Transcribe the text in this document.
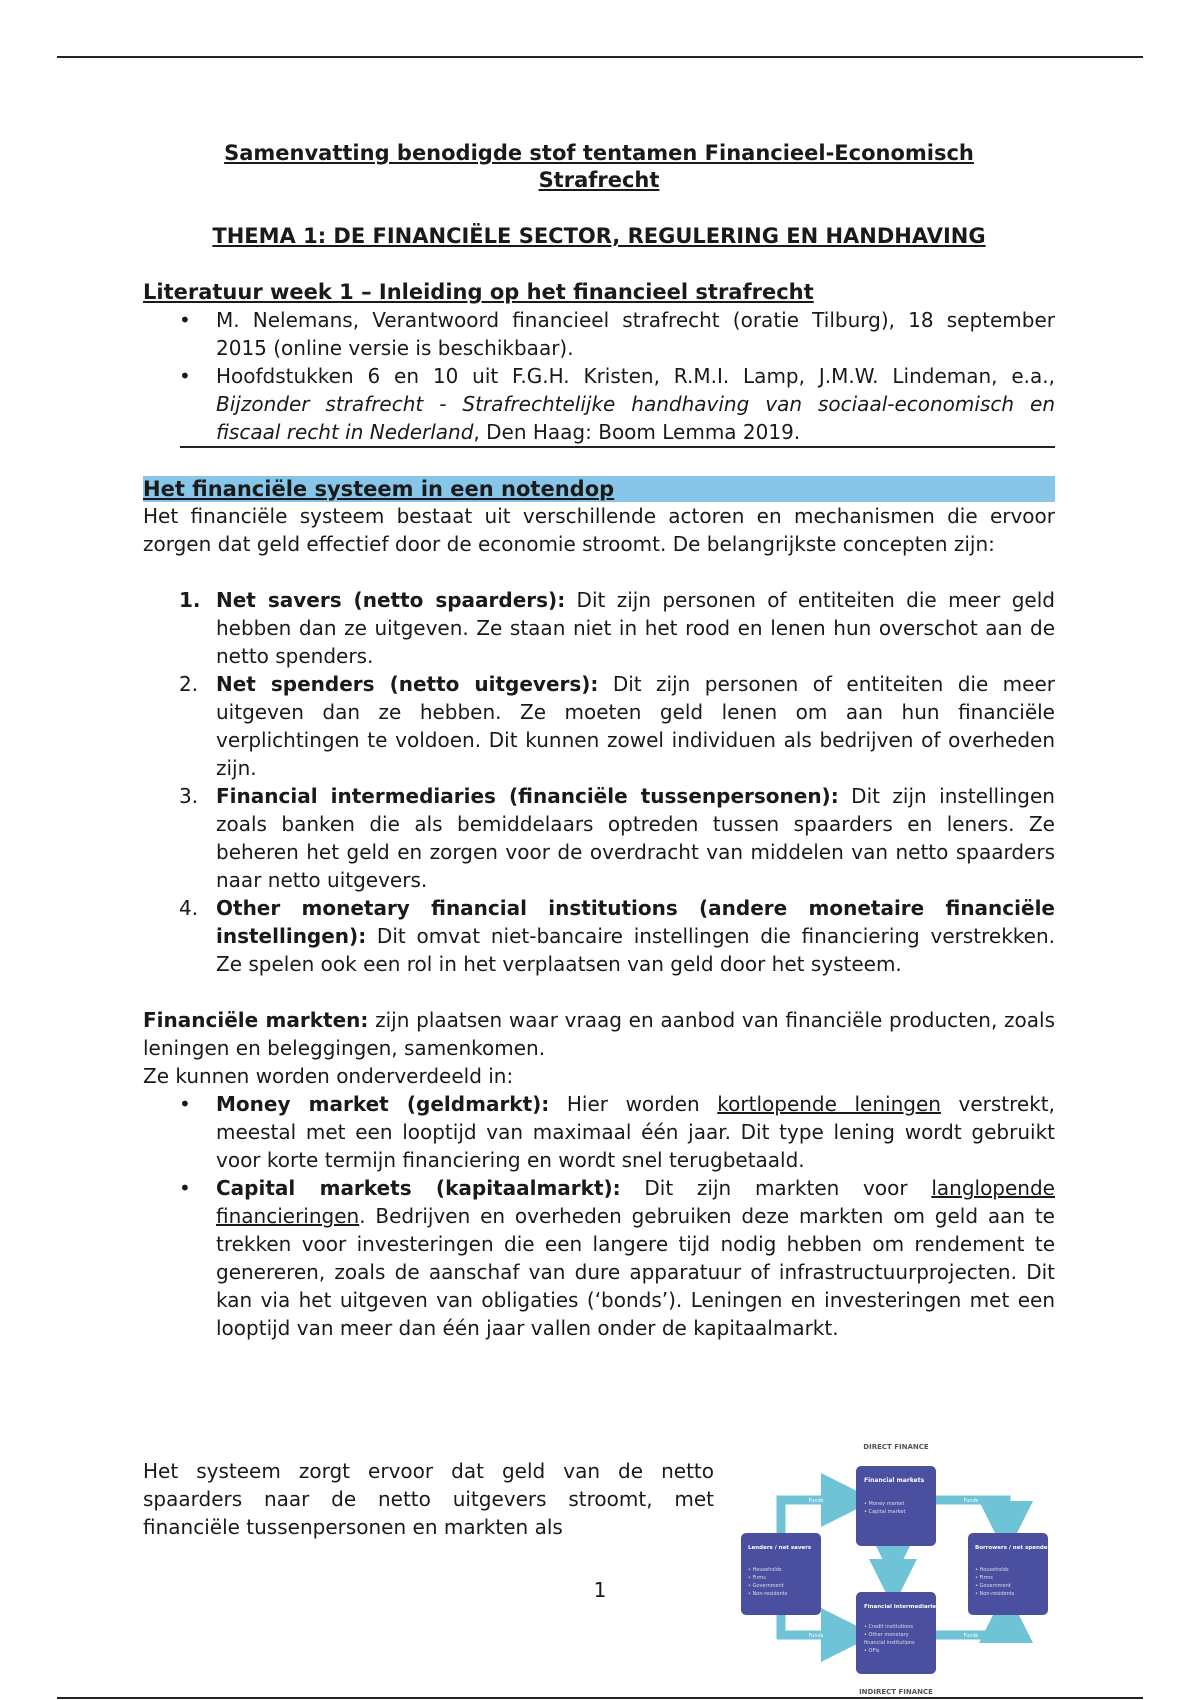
Samenvatting benodigde stof tentamen Financieel-Economisch
Strafrecht

THEMA 1: DE FINANCIËLE SECTOR, REGULERING EN HANDHAVING

Literatuur week 1 – Inleiding op het financieel strafrecht

• M. Nelemans, Verantwoord financieel strafrecht (oratie Tilburg), 18 september 2015 (online versie is beschikbaar).
• Hoofdstukken 6 en 10 uit F.G.H. Kristen, R.M.I. Lamp, J.M.W. Lindeman, e.a., Bijzonder strafrecht - Strafrechtelijke handhaving van sociaal-economisch en fiscaal recht in Nederland, Den Haag: Boom Lemma 2019.

Het financiële systeem in een notendop

Het financiële systeem bestaat uit verschillende actoren en mechanismen die ervoor zorgen dat geld effectief door de economie stroomt. De belangrijkste concepten zijn:

1. Net savers (netto spaarders): Dit zijn personen of entiteiten die meer geld hebben dan ze uitgeven. Ze staan niet in het rood en lenen hun overschot aan de netto spenders.
2. Net spenders (netto uitgevers): Dit zijn personen of entiteiten die meer uitgeven dan ze hebben. Ze moeten geld lenen om aan hun financiële verplichtingen te voldoen. Dit kunnen zowel individuen als bedrijven of overheden zijn.
3. Financial intermediaries (financiële tussenpersonen): Dit zijn instellingen zoals banken die als bemiddelaars optreden tussen spaarders en leners. Ze beheren het geld en zorgen voor de overdracht van middelen van netto spaarders naar netto uitgevers.
4. Other monetary financial institutions (andere monetaire financiële instellingen): Dit omvat niet-bancaire instellingen die financiering verstrekken. Ze spelen ook een rol in het verplaatsen van geld door het systeem.

Financiële markten: zijn plaatsen waar vraag en aanbod van financiële producten, zoals leningen en beleggingen, samenkomen.

Ze kunnen worden onderverdeeld in:

• Money market (geldmarkt): Hier worden kortlopende leningen verstrekt, meestal met een looptijd van maximaal één jaar. Dit type lening wordt gebruikt voor korte termijn financiering en wordt snel terugbetaald.
• Capital markets (kapitaalmarkt): Dit zijn markten voor langlopende financieringen. Bedrijven en overheden gebruiken deze markten om geld aan te trekken voor investeringen die een langere tijd nodig hebben om rendement te genereren, zoals de aanschaf van dure apparatuur of infrastructuurprojecten. Dit kan via het uitgeven van obligaties (‘bonds’). Leningen en investeringen met een looptijd van meer dan één jaar vallen onder de kapitaalmarkt.

Het systeem zorgt ervoor dat geld van de netto spaarders naar de netto uitgevers stroomt, met financiële tussenpersonen en markten als

DIRECT FINANCE
INDIRECT FINANCE
Funds	Funds
Funds	Funds
Financial markets
• Money market
• Capital market
Lenders / net savers
• Households
• Firms
• Government
• Non-residents
Borrowers / net spenders
• Households
• Firms
• Government
• Non-residents
Financial intermediaries
• Credit institutions
• Other monetary
financial institutions
• OFIs
1
